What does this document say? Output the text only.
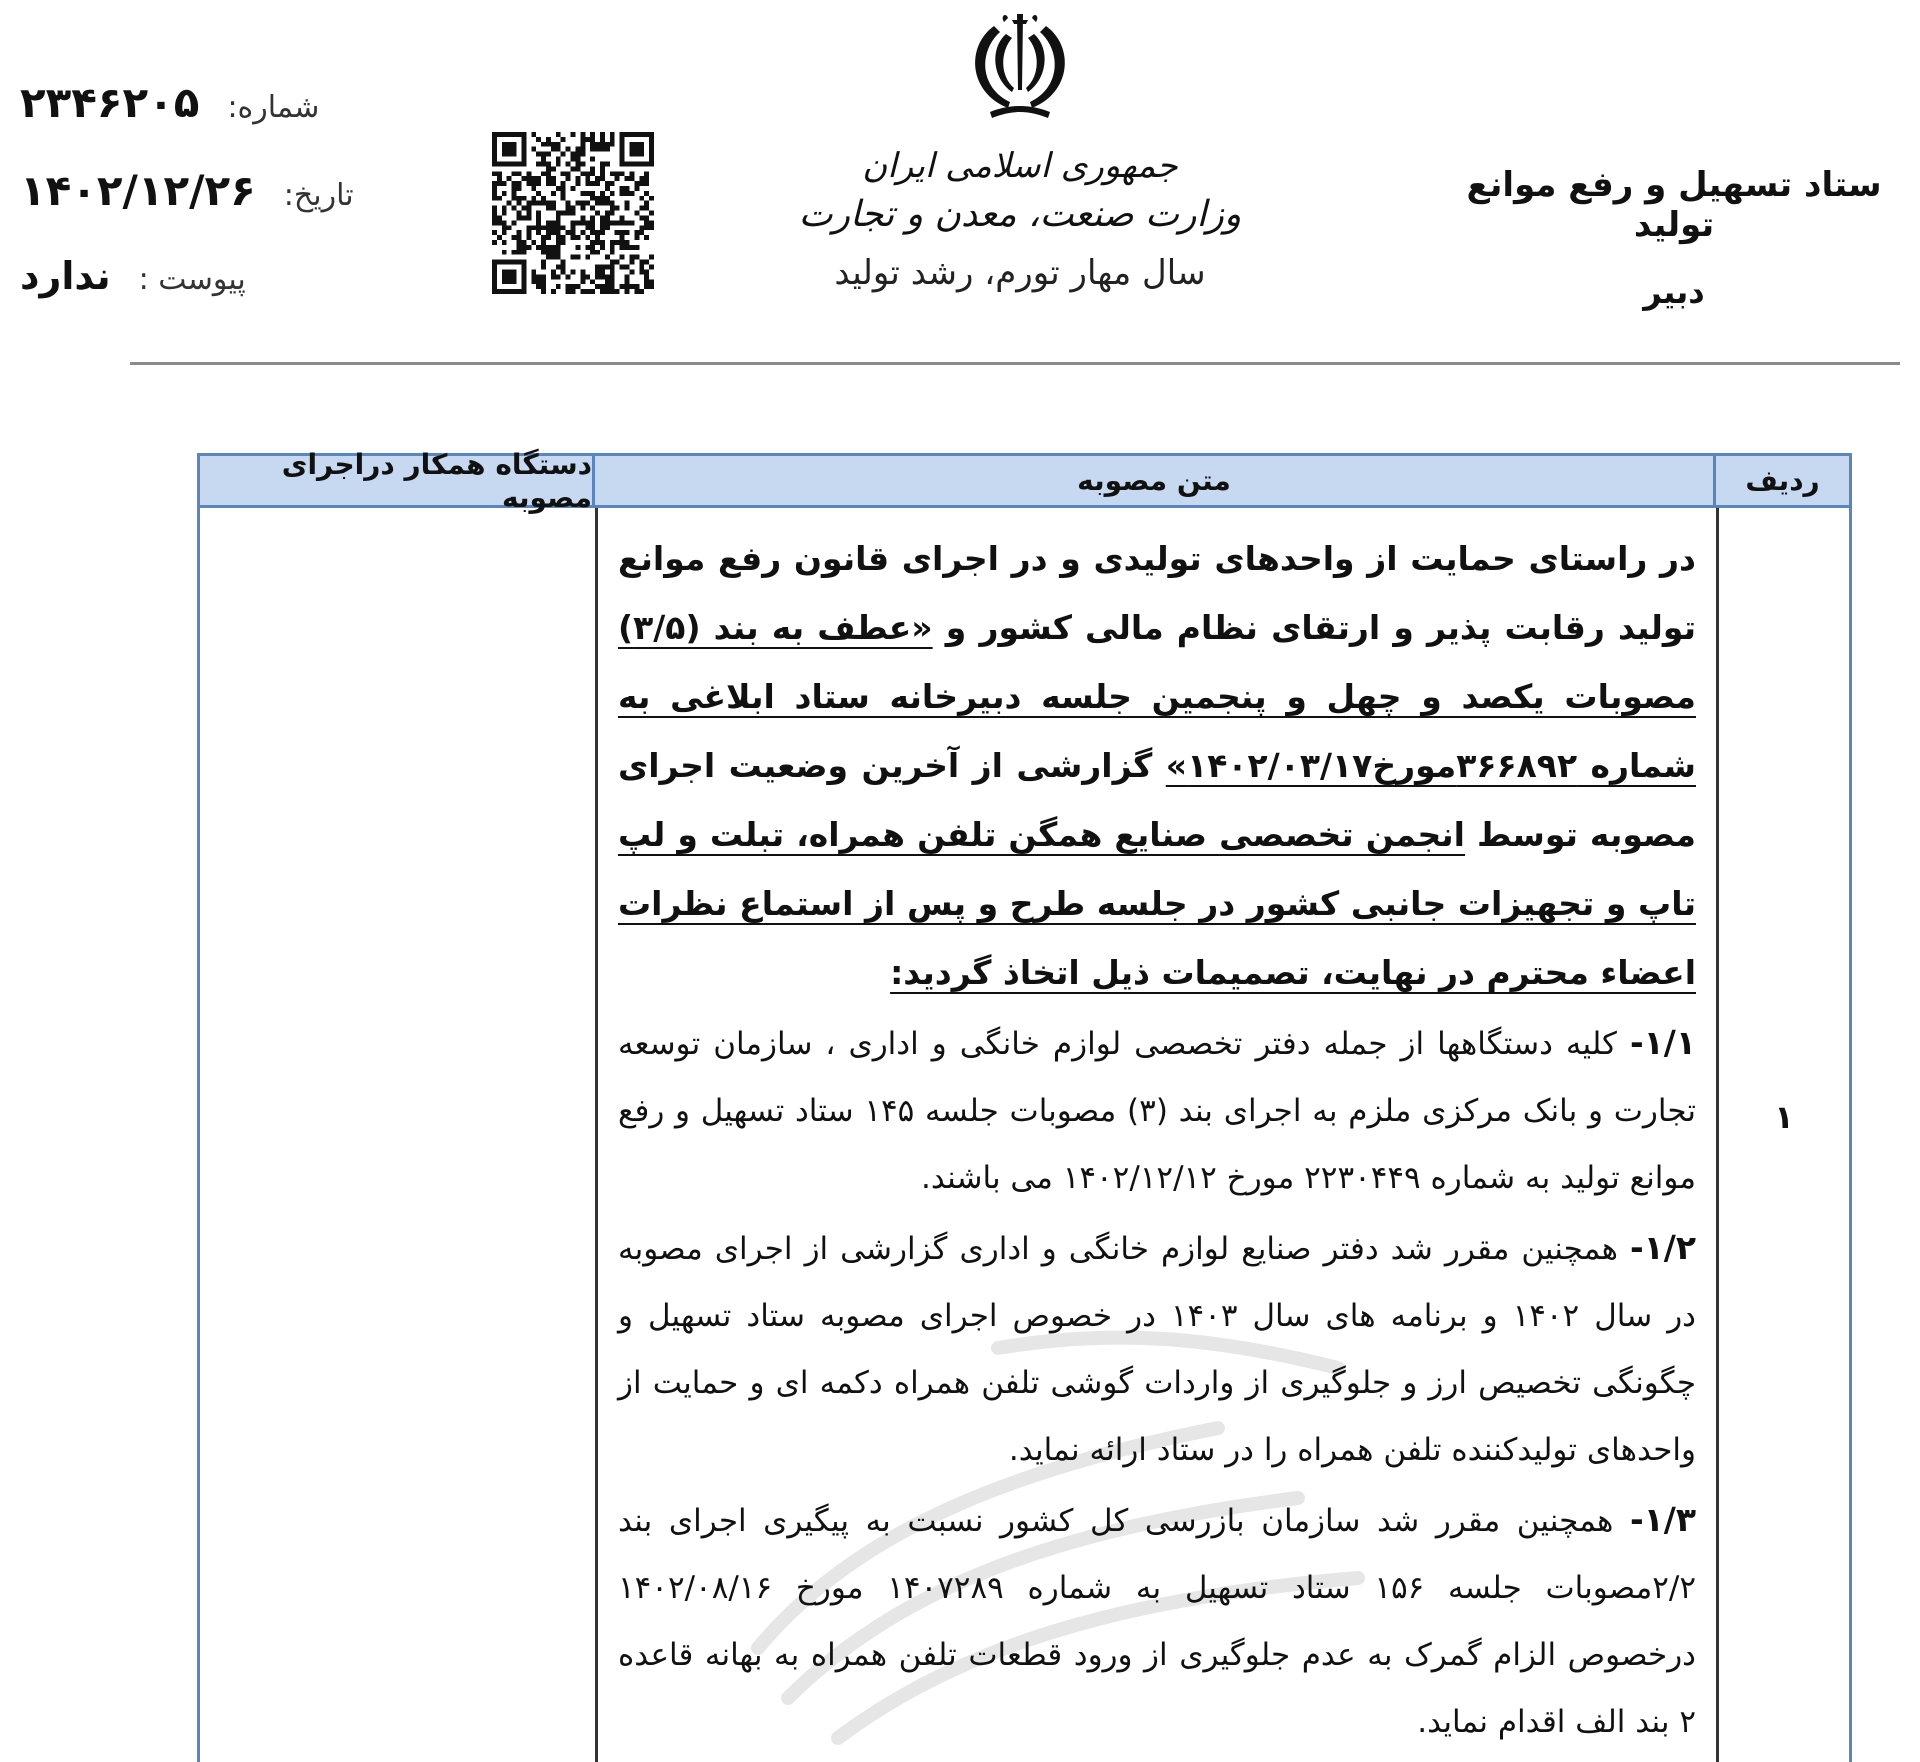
شماره:
۲۳۴۶۲۰۵
تاریخ:
۱۴۰۲/۱۲/۲۶
پیوست :
ندارد
جمهوری اسلامی ایران
وزارت صنعت، معدن و تجارت
سال مهار تورم، رشد تولید
ستاد تسهیل و رفع موانع تولید
دبیر
ردیف
متن مصوبه
دستگاه همکار دراجرای مصوبه
۱
در راستای حمایت از واحدهای تولیدی و در اجرای قانون رفع موانع تولید رقابت پذیر و ارتقای نظام مالی کشور و «عطف به بند (۳/۵) مصوبات یکصد و چهل و پنجمین جلسه دبیرخانه ستاد ابلاغی به شماره ۳۶۶۸۹۲مورخ۱۴۰۲/۰۳/۱۷» گزارشی از آخرین وضعیت اجرای مصوبه توسط انجمن تخصصی صنایع همگن تلفن همراه، تبلت و لپ تاپ و تجهیزات جانبی کشور در جلسه طرح و پس از استماع نظرات اعضاء محترم در نهایت، تصمیمات ذیل اتخاذ گردید:
۱/۱- کلیه دستگاهها از جمله دفتر تخصصی لوازم خانگی و اداری ، سازمان توسعه تجارت و بانک مرکزی ملزم به اجرای بند (۳) مصوبات جلسه ۱۴۵ ستاد تسهیل و رفع موانع تولید به شماره ۲۲۳۰۴۴۹ مورخ ۱۴۰۲/۱۲/۱۲ می باشند.
۱/۲- همچنین مقرر شد دفتر صنایع لوازم خانگی و اداری گزارشی از اجرای مصوبه در سال ۱۴۰۲ و برنامه های سال ۱۴۰۳ در خصوص اجرای مصوبه ستاد تسهیل و چگونگی تخصیص ارز و جلوگیری از واردات گوشی تلفن همراه دکمه ای و حمایت از واحدهای تولیدکننده تلفن همراه را در ستاد ارائه نماید.
۱/۳- همچنین مقرر شد سازمان بازرسی کل کشور نسبت به پیگیری اجرای بند ۲/۲مصوبات جلسه ۱۵۶ ستاد تسهیل به شماره ۱۴۰۷۲۸۹ مورخ ۱۴۰۲/۰۸/۱۶ درخصوص الزام گمرک به عدم جلوگیری از ورود قطعات تلفن همراه به بهانه قاعده ۲ بند الف اقدام نماید.
